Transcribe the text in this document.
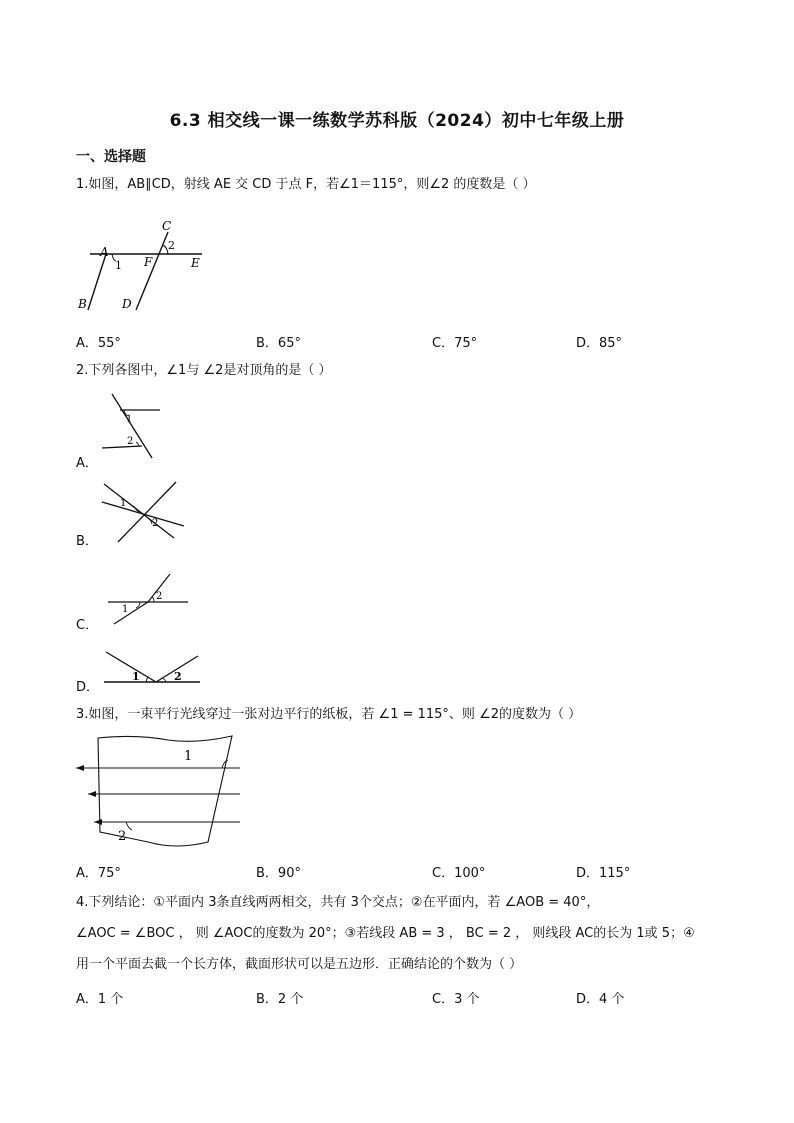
6.3 相交线一课一练数学苏科版（2024）初中七年级上册
一、选择题
1.如图，AB∥CD，射线 AE 交 CD 于点 F，若∠1＝115°，则∠2 的度数是（ ）
C
2
A
1 F	E
B	D
A．55°	B．65°	C．75°	D．85°
2.下列各图中，∠1与 ∠2是对顶角的是（ ）
A．
1
2
B．
1
2
C．
1
2
D．
1	2
3.如图，一束平行光线穿过一张对边平行的纸板，若 ∠1 = 115°、则 ∠2的度数为（ ）
1
2
A．75°	B．90°	C．100°	D．115°
4.下列结论：①平面内 3条直线两两相交，共有 3个交点；②在平面内，若 ∠AOB = 40°，
∠AOC = ∠BOC ， 则 ∠AOC的度数为 20°；③若线段 AB = 3 ， BC = 2 ， 则线段 AC的长为 1或 5；④
用一个平面去截一个长方体，截面形状可以是五边形．正确结论的个数为（ ）
A．1 个	B．2 个	C．3 个	D．4 个
